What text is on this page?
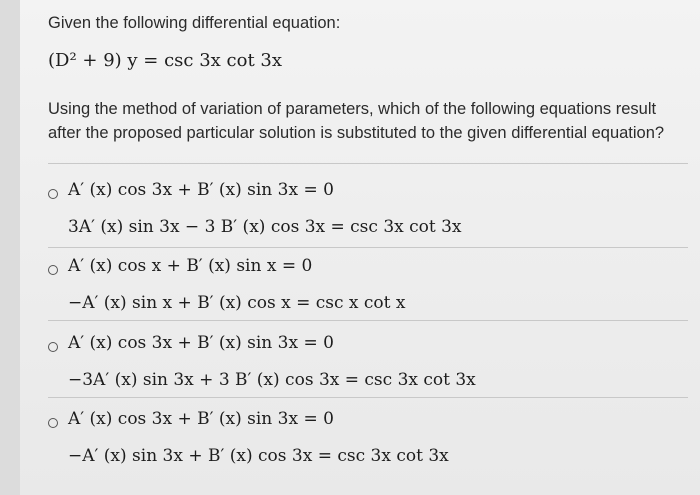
Given the following differential equation:

(D² + 9) y = csc 3x cot 3x

Using the method of variation of parameters, which of the following equations result after the proposed particular solution is substituted to the given differential equation?

A′ (x) cos 3x + B′ (x) sin 3x = 0
3A′ (x) sin 3x − 3 B′ (x) cos 3x = csc 3x cot 3x
A′ (x) cos x + B′ (x) sin x = 0
−A′ (x) sin x + B′ (x) cos x = csc x cot x
A′ (x) cos 3x + B′ (x) sin 3x = 0
−3A′ (x) sin 3x + 3 B′ (x) cos 3x = csc 3x cot 3x
A′ (x) cos 3x + B′ (x) sin 3x = 0
−A′ (x) sin 3x + B′ (x) cos 3x = csc 3x cot 3x
